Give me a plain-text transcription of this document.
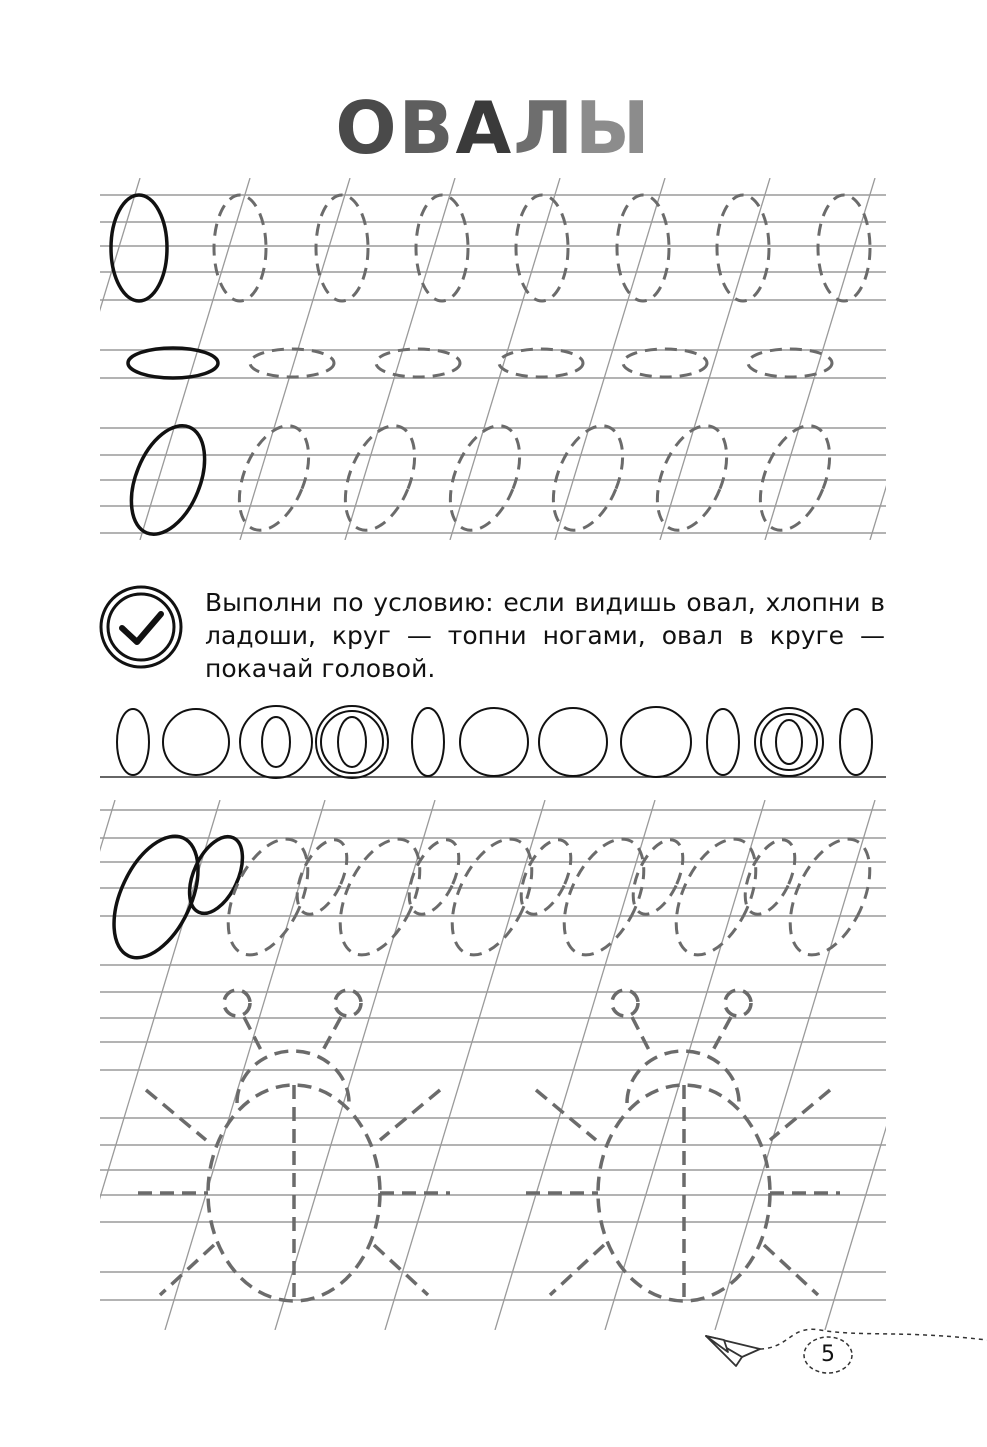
ОВАЛЫ
Выполни по условию: если видишь овал, хлопни в ладоши, круг — топни ногами, овал в круге — покачай головой.
5
